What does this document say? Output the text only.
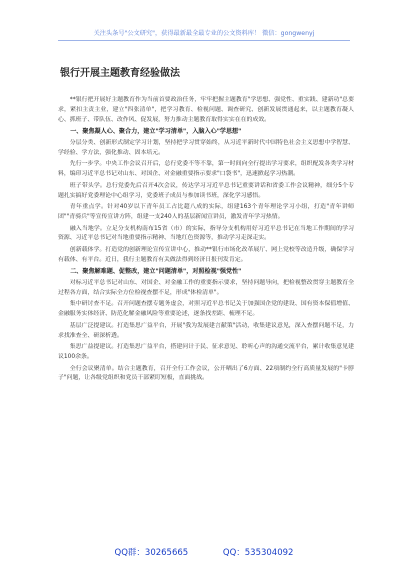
关注头条号"公文研究"，获得最新最全最专业的公文资料库！ 微信：gongwenyj
银行开展主题教育经验做法

**银行把开展好主题教育作为当前首要政治任务，牢牢把握主题教育"学思想、强党性、重实践、建新功"总要求，紧扣主责主业，建立"四张清单"，把学习教育、检视问题、调查研究、创新发展贯通起来，以主题教育凝人心、抓班子、带队伍、改作风、促发展，努力推动主题教育取得实实在在的成效。

一、聚焦凝人心、聚合力，建立"学习清单"，入脑入心"学思想"

分层分类、创新形式制定学习计划，坚持把学习贯穿始终，从习近平新时代中国特色社会主义思想中学智慧、学经验、学方法，强化推动、固本培元。

先行一步学。中央工作会议召开后，总行党委不等不靠，第一时间向全行提出学习要求，组织配发各类学习材料，编印习近平总书记对山东、对国企、对金融重要指示要求"口袋书"，迅速掀起学习热潮。

班子带头学。总行党委先后召开4次会议，传达学习习近平总书记重要讲话和省委工作会议精神，细分5个专题扎实搞好党委理论中心组学习，党委班子成员与参加读书班，深化学习感悟。

青年重点学。针对40岁以下青年员工占比超八成的实际，组建163个青年理论学习小组，打造"青年讲师团""青骑兵"等宣传宣讲方阵，组建一支240人的基层新闻宣讲员，激发青年学习热情。

融入当地学。立足分支机构南布15省（市）的实际，指导分支机构用好习近平总书记在当地工作期间的学习资源、习近平总书记对当地重要指示精神、当地红色资源等，推动学习走深走实。

创新载体学。打造党的创新理论宣传宣讲中心，推动**银行市场化改革展厅、网上党校等改造升级，确保学习有载体、有平台。近日，我行主题教育有关做法得到经济日报刊发肯定。

二、聚焦解难题、促整改，建立"问题清单"，对照检视"强党性"

对标习近平总书记对山东、对国企、对金融工作的重要指示要求，坚持问题导向，把检视整改贯穿主题教育全过程各方面，结合实际全方位检视查摆不足，形成"体检清单"。

集中研讨查不足。召开问题查摆专题务虚会，对照习近平总书记关于加强国企党的建设、国有资本保值增值、金融服务实体经济、防范化解金融风险等重要论述，逐条找差距、梳理不足。

基层广泛提建议。打造集思广益平台，开展"我为发展建言献策"活动，收集建议意见，深入查摆问题不足，力求找准查全、研深析透。

集思广益提建议。打造集思广益平台，搭建问计于民、征求意见、聆听心声的沟通交流平台，累计收集意见建议100余条。

全行会议聚清单。结合主题教育，召开全行工作会议，公开晒出了6方面、22项制约全行高质量发展的"卡脖子"问题，让各级党组织和党员干部紧盯短板，直面挑战。

QQ群：30265665	QQ：535304092
